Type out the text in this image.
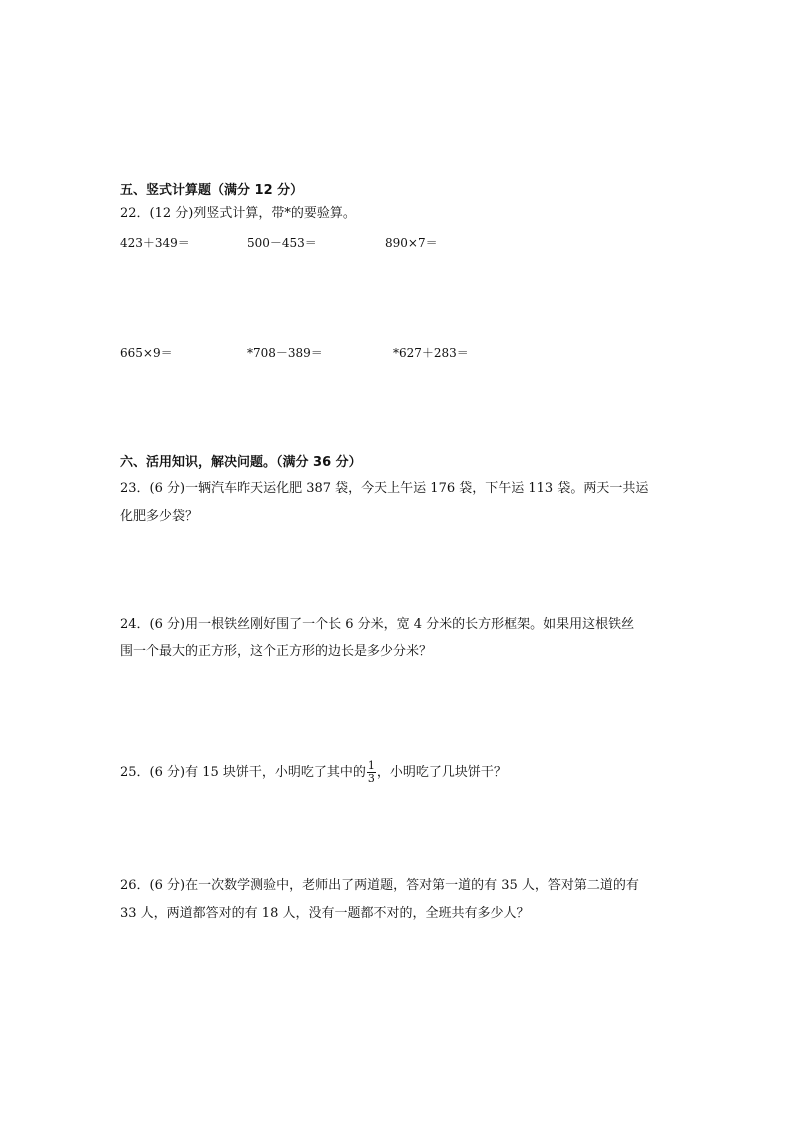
五、竖式计算题（满分 12 分）
22．(12 分)列竖式计算，带*的要验算。
423＋349＝	500－453＝	890×7＝
665×9＝	*708－389＝	*627＋283＝
六、活用知识，解决问题。（满分 36 分）
23．(6 分)一辆汽车昨天运化肥 387 袋，今天上午运 176 袋，下午运 113 袋。两天一共运
化肥多少袋？
24．(6 分)用一根铁丝刚好围了一个长 6 分米，宽 4 分米的长方形框架。如果用这根铁丝
围一个最大的正方形，这个正方形的边长是多少分米？
25．(6 分)有 15 块饼干，小明吃了其中的 $\frac{1}{3}$ ，小明吃了几块饼干？
26．(6 分)在一次数学测验中，老师出了两道题，答对第一道的有 35 人，答对第二道的有
33 人，两道都答对的有 18 人，没有一题都不对的，全班共有多少人？
